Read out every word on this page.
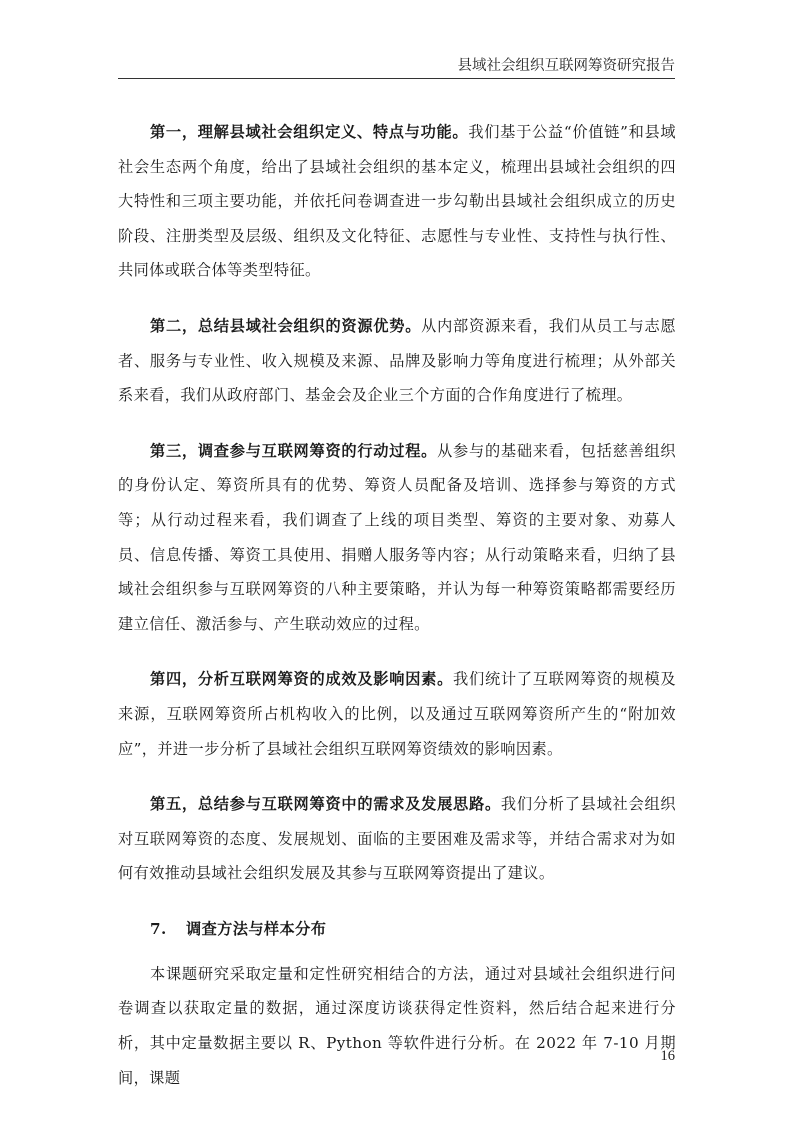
县域社会组织互联网筹资研究报告

第一，理解县域社会组织定义、特点与功能。我们基于公益“价值链”和县域社会生态两个角度，给出了县域社会组织的基本定义，梳理出县域社会组织的四大特性和三项主要功能，并依托问卷调查进一步勾勒出县域社会组织成立的历史阶段、注册类型及层级、组织及文化特征、志愿性与专业性、支持性与执行性、共同体或联合体等类型特征。

第二，总结县域社会组织的资源优势。从内部资源来看，我们从员工与志愿者、服务与专业性、收入规模及来源、品牌及影响力等角度进行梳理；从外部关系来看，我们从政府部门、基金会及企业三个方面的合作角度进行了梳理。

第三，调查参与互联网筹资的行动过程。从参与的基础来看，包括慈善组织的身份认定、筹资所具有的优势、筹资人员配备及培训、选择参与筹资的方式等；从行动过程来看，我们调查了上线的项目类型、筹资的主要对象、劝募人员、信息传播、筹资工具使用、捐赠人服务等内容；从行动策略来看，归纳了县域社会组织参与互联网筹资的八种主要策略，并认为每一种筹资策略都需要经历建立信任、激活参与、产生联动效应的过程。

第四，分析互联网筹资的成效及影响因素。我们统计了互联网筹资的规模及来源，互联网筹资所占机构收入的比例，以及通过互联网筹资所产生的“附加效应”，并进一步分析了县域社会组织互联网筹资绩效的影响因素。

第五，总结参与互联网筹资中的需求及发展思路。我们分析了县域社会组织对互联网筹资的态度、发展规划、面临的主要困难及需求等，并结合需求对为如何有效推动县域社会组织发展及其参与互联网筹资提出了建议。

7. 调查方法与样本分布

本课题研究采取定量和定性研究相结合的方法，通过对县域社会组织进行问卷调查以获取定量的数据，通过深度访谈获得定性资料，然后结合起来进行分析，其中定量数据主要以 R、Python 等软件进行分析。在 2022 年 7-10 月期间，课题

16
